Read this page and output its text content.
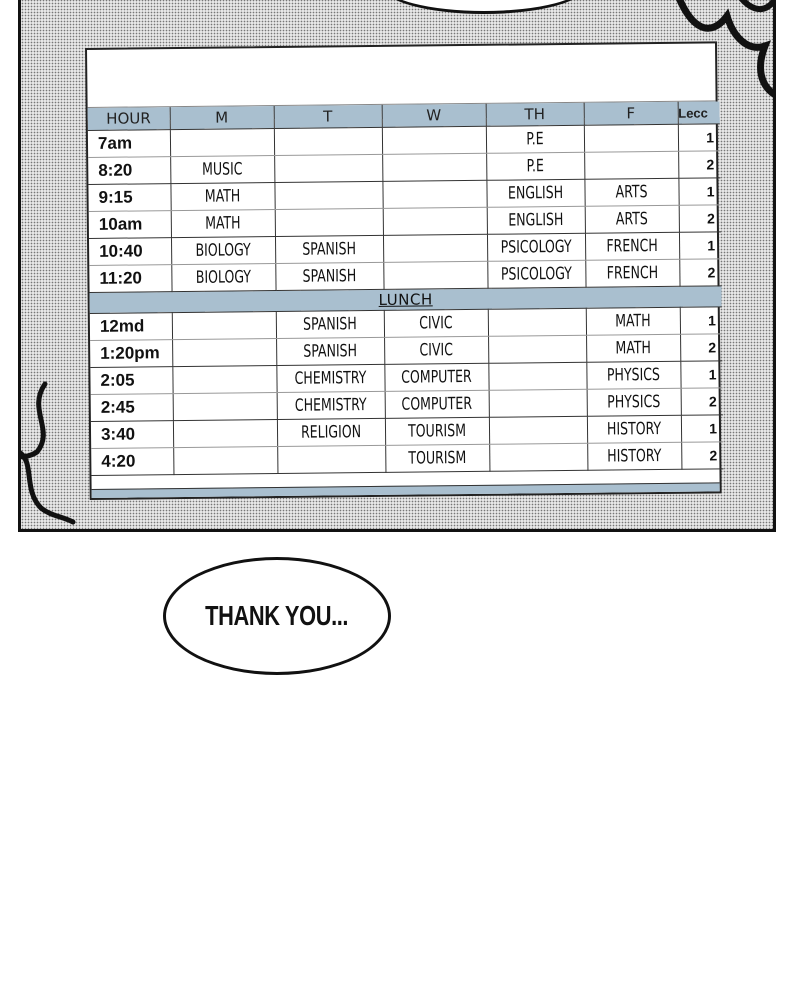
HOUR	M	T	W	TH	F	Lecc
7am				P.E		1
8:20	MUSIC			P.E		2
9:15	MATH			ENGLISH	ARTS	1
10am	MATH			ENGLISH	ARTS	2
10:40	BIOLOGY	SPANISH		PSICOLOGY	FRENCH	1
11:20	BIOLOGY	SPANISH		PSICOLOGY	FRENCH	2
LUNCH						
12md		SPANISH	CIVIC		MATH	1
1:20pm		SPANISH	CIVIC		MATH	2
2:05		CHEMISTRY	COMPUTER		PHYSICS	1
2:45		CHEMISTRY	COMPUTER		PHYSICS	2
3:40		RELIGION	TOURISM		HISTORY	1
4:20			TOURISM		HISTORY	2
THANK YOU...
